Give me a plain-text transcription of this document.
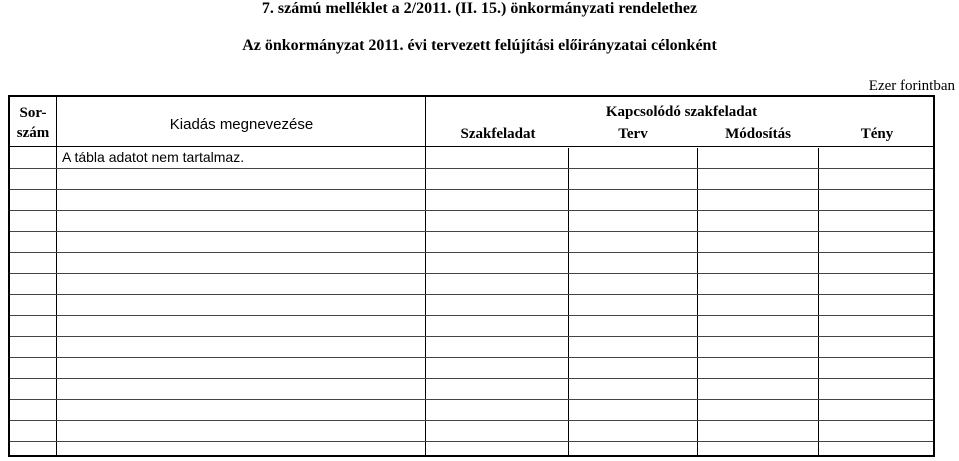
7. számú melléklet a 2/2011. (II. 15.) önkormányzati rendelethez
Az önkormányzat 2011. évi tervezett felújítási előirányzatai célonként
Ezer forintban
Sor-
szám	Kiadás megnevezése
Kapcsolódó szakfeladat
Szakfeladat	Terv	Módosítás	Tény
A tábla adatot nem tartalmaz.
